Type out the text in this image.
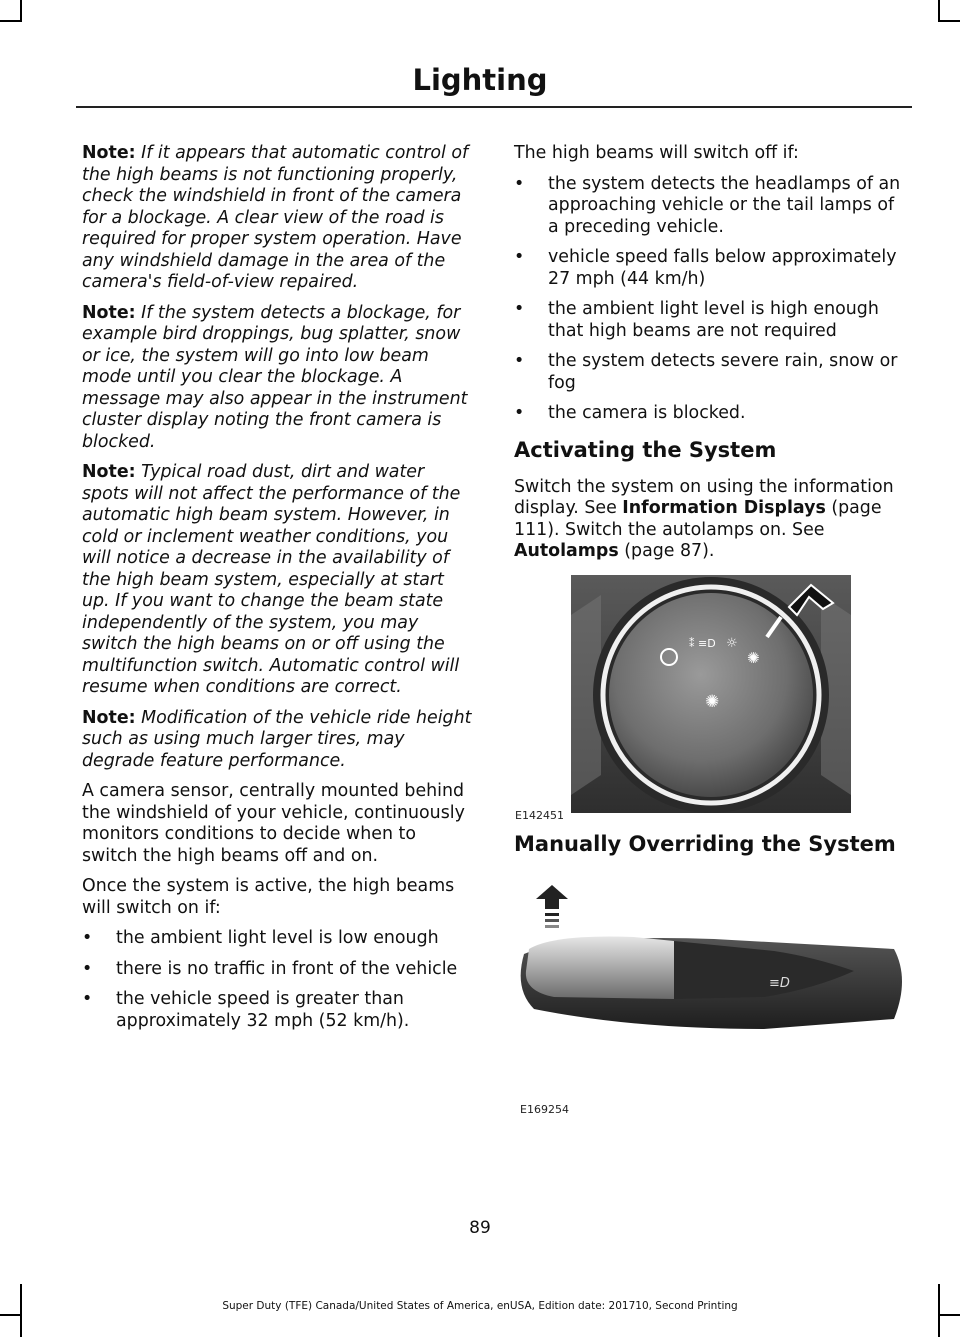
Lighting

Note: If it appears that automatic control of the high beams is not functioning properly, check the windshield in front of the camera for a blockage. A clear view of the road is required for proper system operation. Have any windshield damage in the area of the camera's field-of-view repaired.

Note: If the system detects a blockage, for example bird droppings, bug splatter, snow or ice, the system will go into low beam mode until you clear the blockage. A message may also appear in the instrument cluster display noting the front camera is blocked.

Note: Typical road dust, dirt and water spots will not affect the performance of the automatic high beam system. However, in cold or inclement weather conditions, you will notice a decrease in the availability of the high beam system, especially at start up. If you want to change the beam state independently of the system, you may switch the high beams on or off using the multifunction switch. Automatic control will resume when conditions are correct.

Note: Modification of the vehicle ride height such as using much larger tires, may degrade feature performance.

A camera sensor, centrally mounted behind the windshield of your vehicle, continuously monitors conditions to decide when to switch the high beams off and on.

Once the system is active, the high beams will switch on if:

• the ambient light level is low enough
• there is no traffic in front of the vehicle
• the vehicle speed is greater than approximately 32 mph (52 km/h).

The high beams will switch off if:

• the system detects the headlamps of an approaching vehicle or the tail lamps of a preceding vehicle.
• vehicle speed falls below approximately 27 mph (44 km/h)
• the ambient light level is high enough that high beams are not required
• the system detects severe rain, snow or fog
• the camera is blocked.
Activating the System

Switch the system on using the information display. See Information Displays (page 111). Switch the autolamps on. See Autolamps (page 87).

⁑ ≡D ☼
✺
✺
E142451
Manually Overriding the System
≡D
E169254
89
Super Duty (TFE) Canada/United States of America, enUSA, Edition date: 201710, Second Printing
